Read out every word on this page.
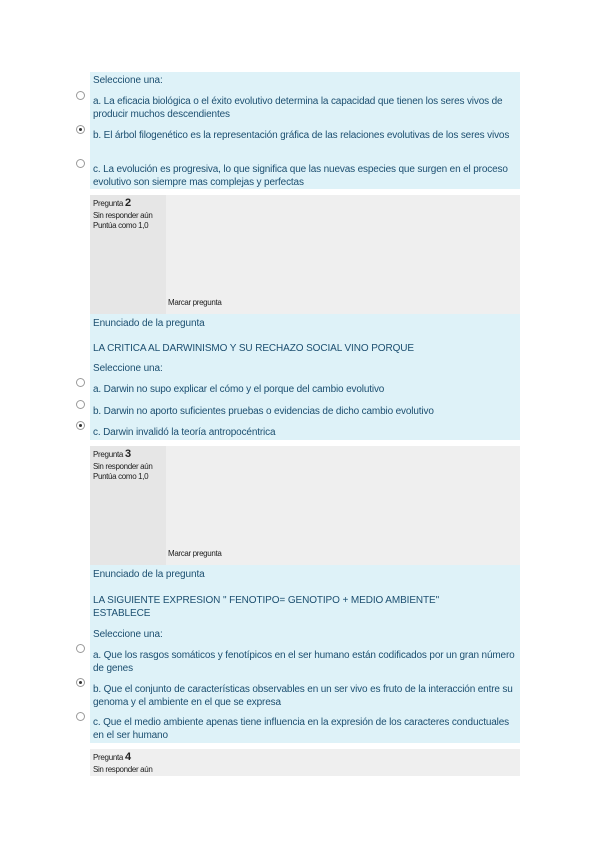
Seleccione una:
a. La eficacia biológica o el éxito evolutivo determina la capacidad que tienen los seres vivos de producir muchos descendientes
b. El árbol filogenético es la representación gráfica de las relaciones evolutivas de los seres vivos
c. La evolución es progresiva, lo que significa que las nuevas especies que surgen en el proceso evolutivo son siempre mas complejas y perfectas
Pregunta 2
Sin responder aún
Puntúa como 1,0
Marcar pregunta
Enunciado de la pregunta
LA CRITICA AL DARWINISMO Y SU RECHAZO SOCIAL VINO PORQUE
Seleccione una:
a. Darwin no supo explicar el cómo y el porque del cambio evolutivo
b. Darwin no aporto suficientes pruebas o evidencias de dicho cambio evolutivo
c. Darwin invalidó la teoría antropocéntrica
Pregunta 3
Sin responder aún
Puntúa como 1,0
Marcar pregunta
Enunciado de la pregunta
LA SIGUIENTE EXPRESION " FENOTIPO= GENOTIPO + MEDIO AMBIENTE" ESTABLECE
Seleccione una:
a. Que los rasgos somáticos y fenotípicos en el ser humano están codificados por un gran número de genes
b. Que el conjunto de características observables en un ser vivo es fruto de la interacción entre su genoma y el ambiente en el que se expresa
c. Que el medio ambiente apenas tiene influencia en la expresión de los caracteres conductuales en el ser humano
Pregunta 4
Sin responder aún
